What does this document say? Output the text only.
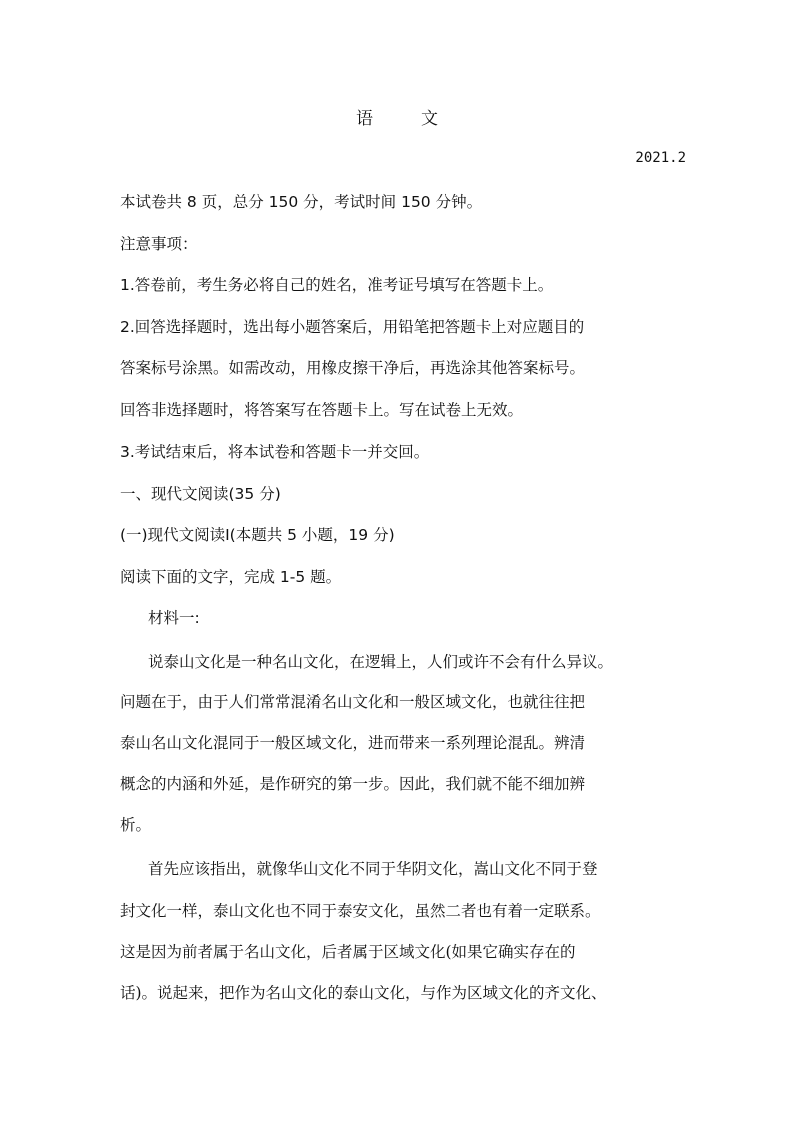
语	文
2021.2
本试卷共 8 页，总分 150 分，考试时间 150 分钟。
注意事项：
1.答卷前，考生务必将自己的姓名，准考证号填写在答题卡上。
2.回答选择题时，选出每小题答案后，用铅笔把答题卡上对应题目的
答案标号涂黑。如需改动，用橡皮擦干净后，再选涂其他答案标号。
回答非选择题时，将答案写在答题卡上。写在试卷上无效。
3.考试结束后，将本试卷和答题卡一并交回。
一、现代文阅读(35 分)
(一)现代文阅读Ⅰ(本题共 5 小题，19 分)
阅读下面的文字，完成 1-5 题。
材料一:
说泰山文化是一种名山文化，在逻辑上，人们或许不会有什么异议。
问题在于，由于人们常常混淆名山文化和一般区域文化，也就往往把
泰山名山文化混同于一般区域文化，进而带来一系列理论混乱。辨清
概念的内涵和外延，是作研究的第一步。因此，我们就不能不细加辨
析。
首先应该指出，就像华山文化不同于华阴文化，嵩山文化不同于登
封文化一样，泰山文化也不同于泰安文化，虽然二者也有着一定联系。
这是因为前者属于名山文化，后者属于区域文化(如果它确实存在的
话)。说起来，把作为名山文化的泰山文化，与作为区域文化的齐文化、
